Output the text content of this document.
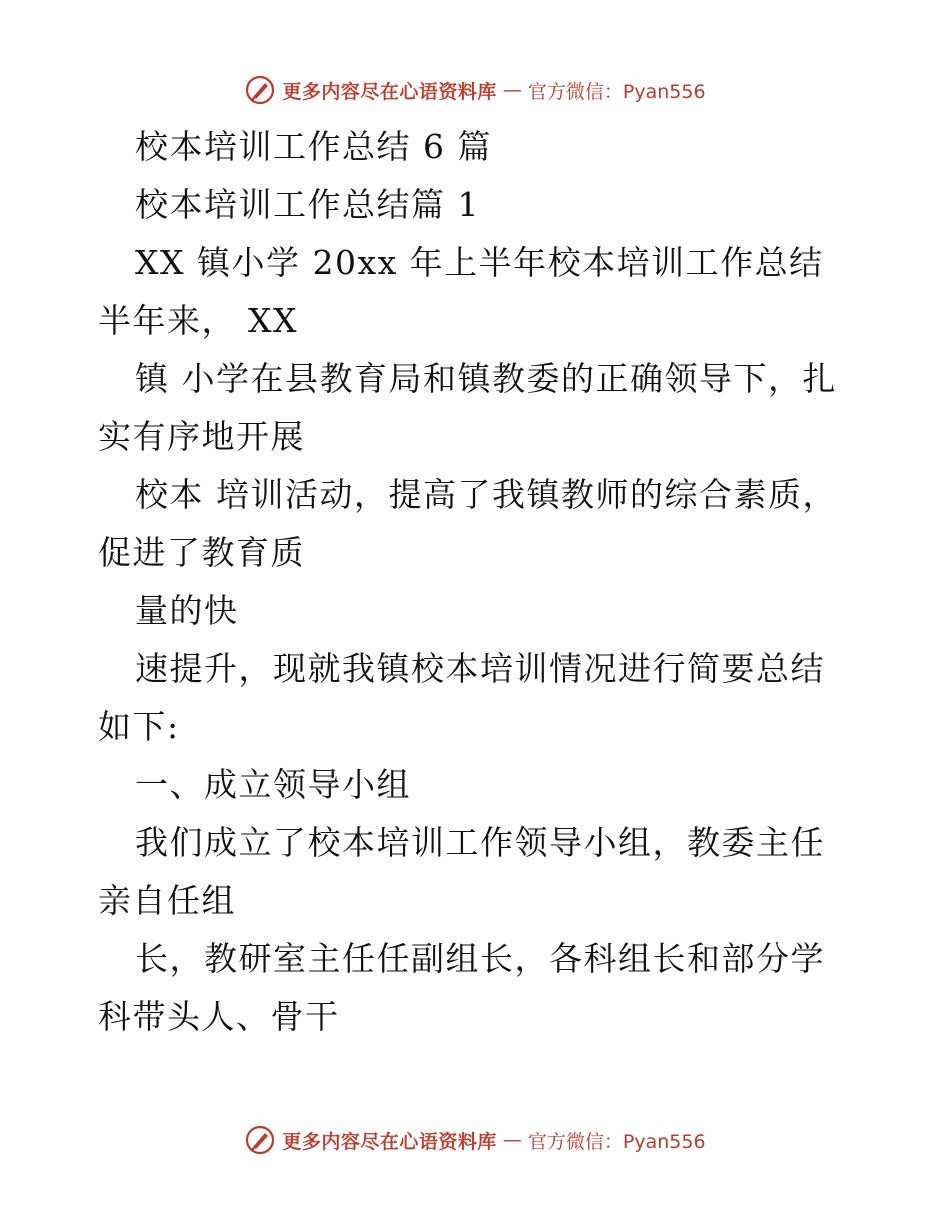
更多内容尽在心语资料库 — 官方微信：Pyan556

校本培训工作总结 6 篇

校本培训工作总结篇 1

XX 镇小学 20xx 年上半年校本培训工作总结半年来， XX

镇 小学在县教育局和镇教委的正确领导下，扎实有序地开展

校本 培训活动，提高了我镇教师的综合素质，促进了教育质

量的快

速提升，现就我镇校本培训情况进行简要总结如下:

一、成立领导小组

我们成立了校本培训工作领导小组，教委主任亲自任组

长，教研室主任任副组长，各科组长和部分学科带头人、骨干

更多内容尽在心语资料库 — 官方微信：Pyan556
